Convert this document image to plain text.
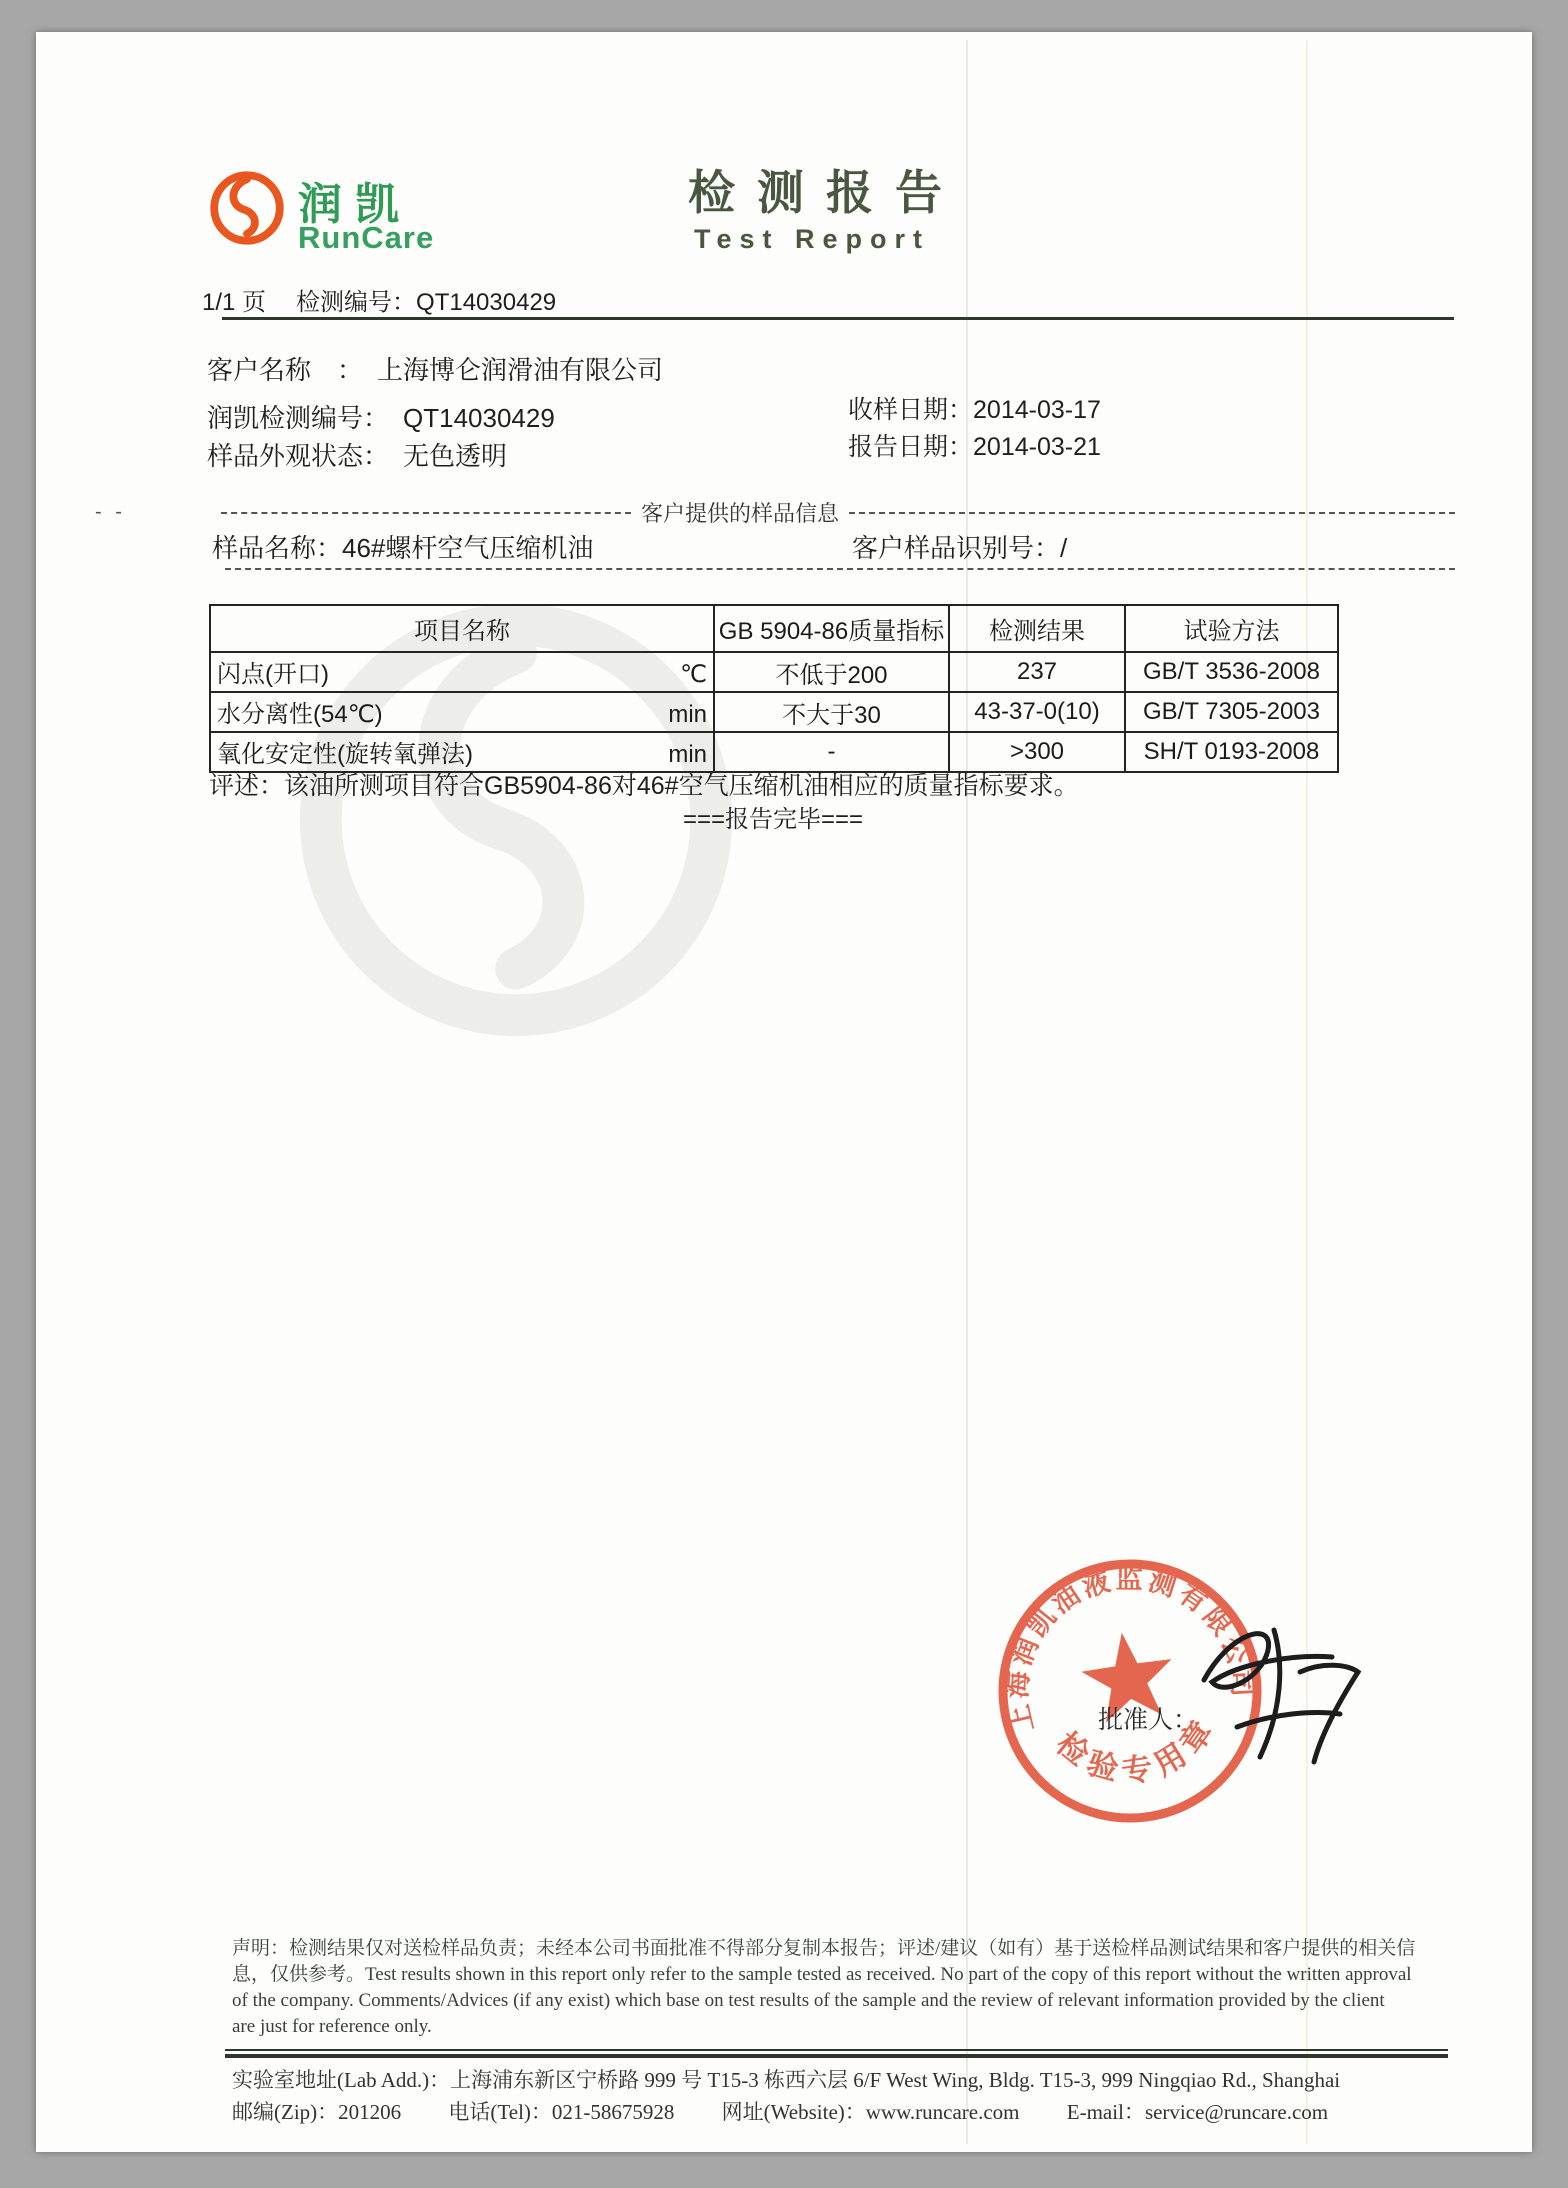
润凯
RunCare
检测报告
Test Report
1/1 页 检测编号：QT14030429
客户名称　： 上海博仑润滑油有限公司
润凯检测编号： QT14030429
样品外观状态： 无色透明
收样日期：2014-03-17
报告日期：2014-03-21
- -	客户提供的样品信息
样品名称：46#螺杆空气压缩机油	客户样品识别号：/
项目名称	GB 5904-86质量指标	检测结果	试验方法

闪点(开口) ℃	不低于200	237	GB/T 3536-2008

水分离性(54℃) min	不大于30	43-37-0(10)	GB/T 7305-2003

氧化安定性(旋转氧弹法) min	-	>300	SH/T 0193-2008
评述：该油所测项目符合GB5904-86对46#空气压缩机油相应的质量指标要求。
===报告完毕===
上海润凯油液监测有限公司
检验专用章
批准人：
声明：检测结果仅对送检样品负责；未经本公司书面批准不得部分复制本报告；评述/建议（如有）基于送检样品测试结果和客户提供的相关信
息，仅供参考。Test results shown in this report only refer to the sample tested as received. No part of the copy of this report without the written approval
of the company. Comments/Advices (if any exist) which base on test results of the sample and the review of relevant information provided by the client
are just for reference only.
实验室地址(Lab Add.)：上海浦东新区宁桥路 999 号 T15-3 栋西六层 6/F West Wing, Bldg. T15-3, 999 Ningqiao Rd., Shanghai
邮编(Zip)：201206 电话(Tel)：021-58675928 网址(Website)：www.runcare.com E-mail：service@runcare.com
